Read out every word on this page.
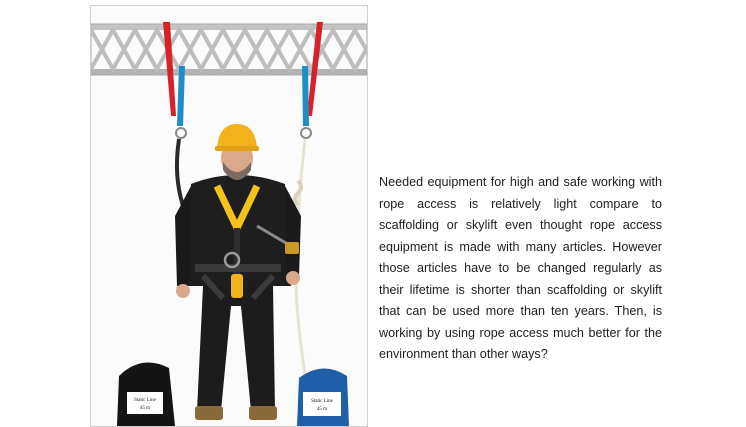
Static Line
45 m
Static Line
45 m

Needed equipment for high and safe working with rope access is relatively light compare to scaffolding or skylift even thought rope access equipment is made with many articles. However those articles have to be changed regularly as their lifetime is shorter than scaffolding or skylift that can be used more than ten years. Then, is working by using rope access much better for the environment than other ways?
